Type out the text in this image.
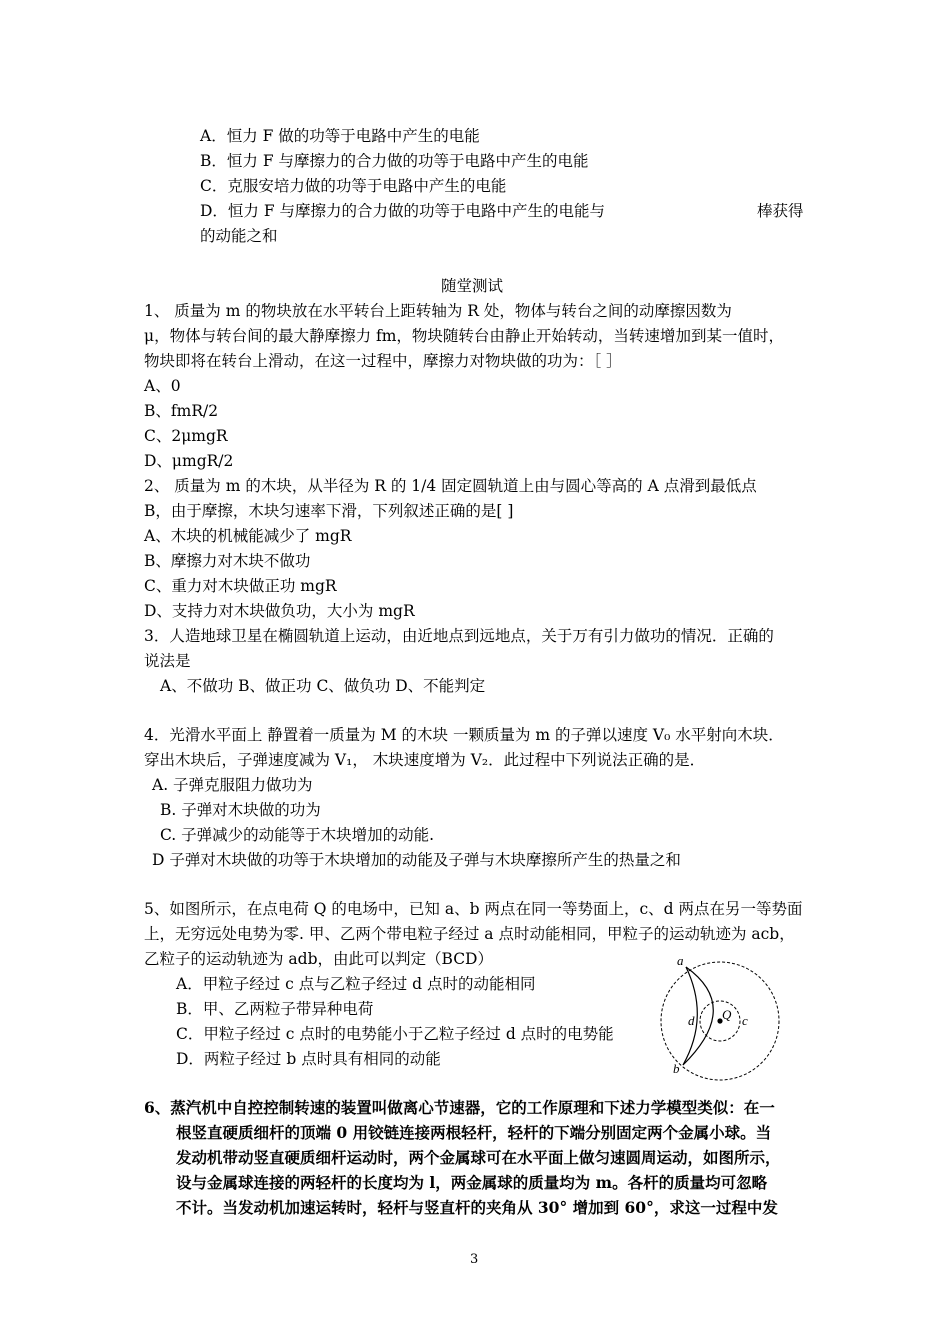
A．恒力 F 做的功等于电路中产生的电能
B．恒力 F 与摩擦力的合力做的功等于电路中产生的电能
C．克服安培力做的功等于电路中产生的电能
D．恒力 F 与摩擦力的合力做的功等于电路中产生的电能与	棒获得
的动能之和
随堂测试
1、 质量为 m 的物块放在水平转台上距转轴为 R 处，物体与转台之间的动摩擦因数为
μ，物体与转台间的最大静摩擦力 fm，物块随转台由静止开始转动，当转速增加到某一值时，
物块即将在转台上滑动，在这一过程中，摩擦力对物块做的功为：［ ］
A、0
B、fmR/2
C、2μmgR
D、μmgR/2
2、 质量为 m 的木块，从半径为 R 的 1/4 固定圆轨道上由与圆心等高的 A 点滑到最低点
B，由于摩擦，木块匀速率下滑，下列叙述正确的是[ ]
A、木块的机械能减少了 mgR
B、摩擦力对木块不做功
C、重力对木块做正功 mgR
D、支持力对木块做负功，大小为 mgR
3．人造地球卫星在椭圆轨道上运动，由近地点到远地点，关于万有引力做功的情况．正确的
说法是
A、不做功 B、做正功 C、做负功 D、不能判定
4．光滑水平面上 静置着一质量为 M 的木块 一颗质量为 m 的子弹以速度 V₀ 水平射向木块．
穿出木块后，子弹速度减为 V₁， 木块速度增为 V₂．此过程中下列说法正确的是．
A. 子弹克服阻力做功为
B. 子弹对木块做的功为
C. 子弹减少的动能等于木块增加的动能.
D 子弹对木块做的功等于木块增加的动能及子弹与木块摩擦所产生的热量之和
5、如图所示，在点电荷 Q 的电场中，已知 a、b 两点在同一等势面上，c、d 两点在另一等势面
上，无穷远处电势为零. 甲、乙两个带电粒子经过 a 点时动能相同，甲粒子的运动轨迹为 acb，
乙粒子的运动轨迹为 adb，由此可以判定（BCD）
A．甲粒子经过 c 点与乙粒子经过 d 点时的动能相同
B．甲、乙两粒子带异种电荷
C．甲粒子经过 c 点时的电势能小于乙粒子经过 d 点时的电势能
D．两粒子经过 b 点时具有相同的动能
a
b
c
d Q
6、蒸汽机中自控控制转速的装置叫做离心节速器，它的工作原理和下述力学模型类似：在一
根竖直硬质细杆的顶端 0 用铰链连接两根轻杆，轻杆的下端分别固定两个金属小球。当
发动机带动竖直硬质细杆运动时，两个金属球可在水平面上做匀速圆周运动，如图所示，
设与金属球连接的两轻杆的长度均为 l，两金属球的质量均为 m。各杆的质量均可忽略
不计。当发动机加速运转时，轻杆与竖直杆的夹角从 30° 增加到 60°，求这一过程中发
3
